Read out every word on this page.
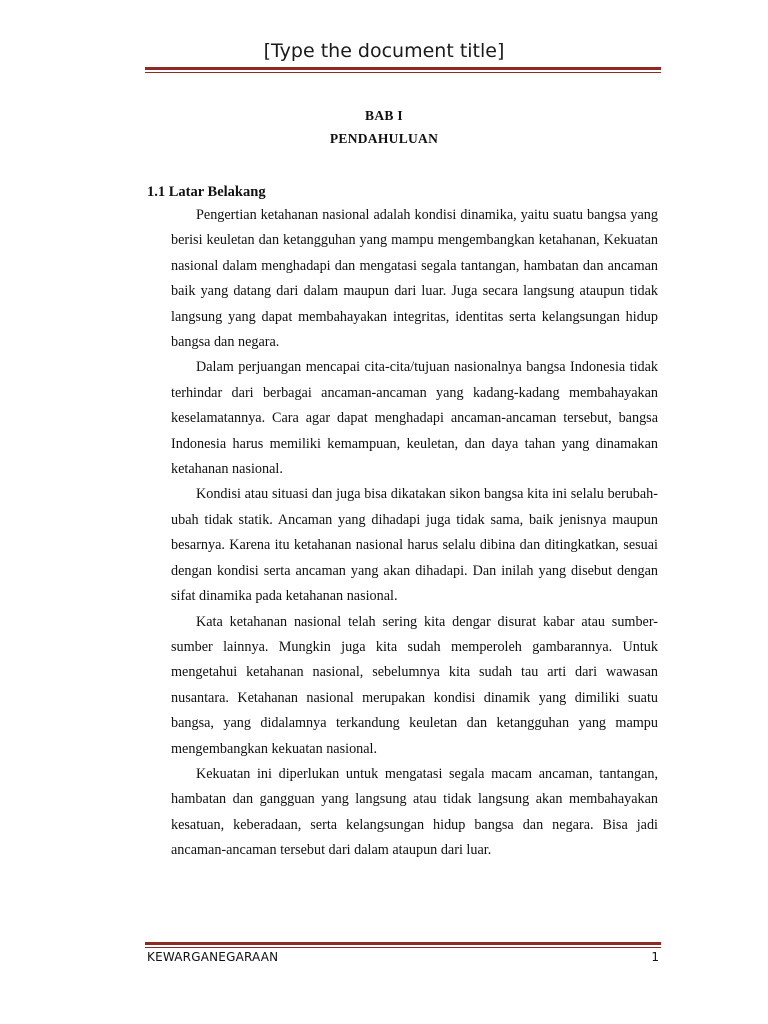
[Type the document title]
BAB I
PENDAHULUAN
1.1 Latar Belakang

Pengertian ketahanan nasional adalah kondisi dinamika, yaitu suatu bangsa yang berisi keuletan dan ketangguhan yang mampu mengembangkan ketahanan, Kekuatan nasional dalam menghadapi dan mengatasi segala tantangan, hambatan dan ancaman baik yang datang dari dalam maupun dari luar. Juga secara langsung ataupun tidak langsung yang dapat membahayakan integritas, identitas serta kelangsungan hidup bangsa dan negara.

Dalam perjuangan mencapai cita-cita/tujuan nasionalnya bangsa Indonesia tidak terhindar dari berbagai ancaman-ancaman yang kadang-kadang membahayakan keselamatannya. Cara agar dapat menghadapi ancaman-ancaman tersebut, bangsa Indonesia harus memiliki kemampuan, keuletan, dan daya tahan yang dinamakan ketahanan nasional.

Kondisi atau situasi dan juga bisa dikatakan sikon bangsa kita ini selalu berubah-ubah tidak statik. Ancaman yang dihadapi juga tidak sama, baik jenisnya maupun besarnya. Karena itu ketahanan nasional harus selalu dibina dan ditingkatkan, sesuai dengan kondisi serta ancaman yang akan dihadapi. Dan inilah yang disebut dengan sifat dinamika pada ketahanan nasional.

Kata ketahanan nasional telah sering kita dengar disurat kabar atau sumber-sumber lainnya. Mungkin juga kita sudah memperoleh gambarannya. Untuk mengetahui ketahanan nasional, sebelumnya kita sudah tau arti dari wawasan nusantara. Ketahanan nasional merupakan kondisi dinamik yang dimiliki suatu bangsa, yang didalamnya terkandung keuletan dan ketangguhan yang mampu mengembangkan kekuatan nasional.

Kekuatan ini diperlukan untuk mengatasi segala macam ancaman, tantangan, hambatan dan gangguan yang langsung atau tidak langsung akan membahayakan kesatuan, keberadaan, serta kelangsungan hidup bangsa dan negara. Bisa jadi ancaman-ancaman tersebut dari dalam ataupun dari luar.

KEWARGANEGARAAN	1
